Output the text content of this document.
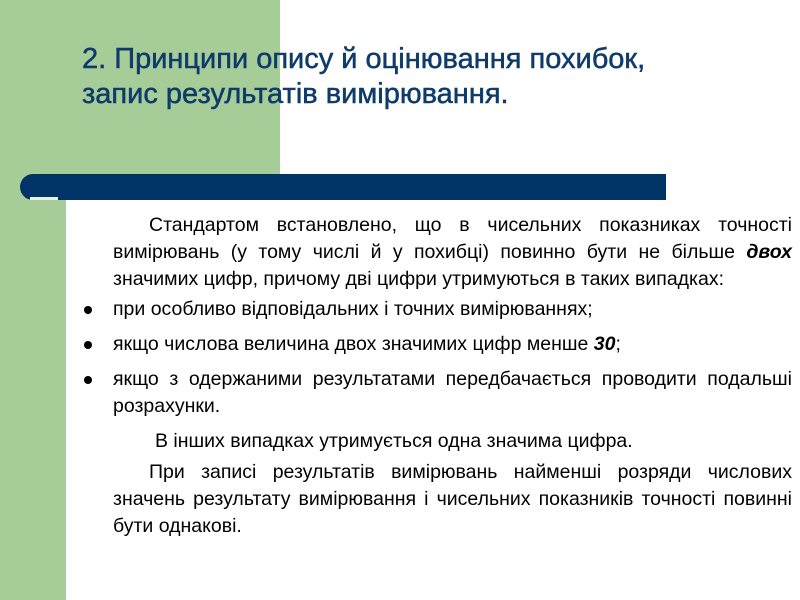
2. Принципи опису й оцінювання похибок, запис результатів вимірювання.

Стандартом встановлено, що в чисельних показниках точності вимірювань (у тому числі й у похибці) повинно бути не більше двох значимих цифр, причому дві цифри утримуються в таких випадках:

при особливо відповідальних і точних вимірюваннях;
якщо числова величина двох значимих цифр менше 30;
якщо з одержаними результатами передбачається проводити подальші розрахунки.

В інших випадках утримується одна значима цифра.

При записі результатів вимірювань найменші розряди числових значень результату вимірювання і чисельних показників точності повинні бути однакові.
